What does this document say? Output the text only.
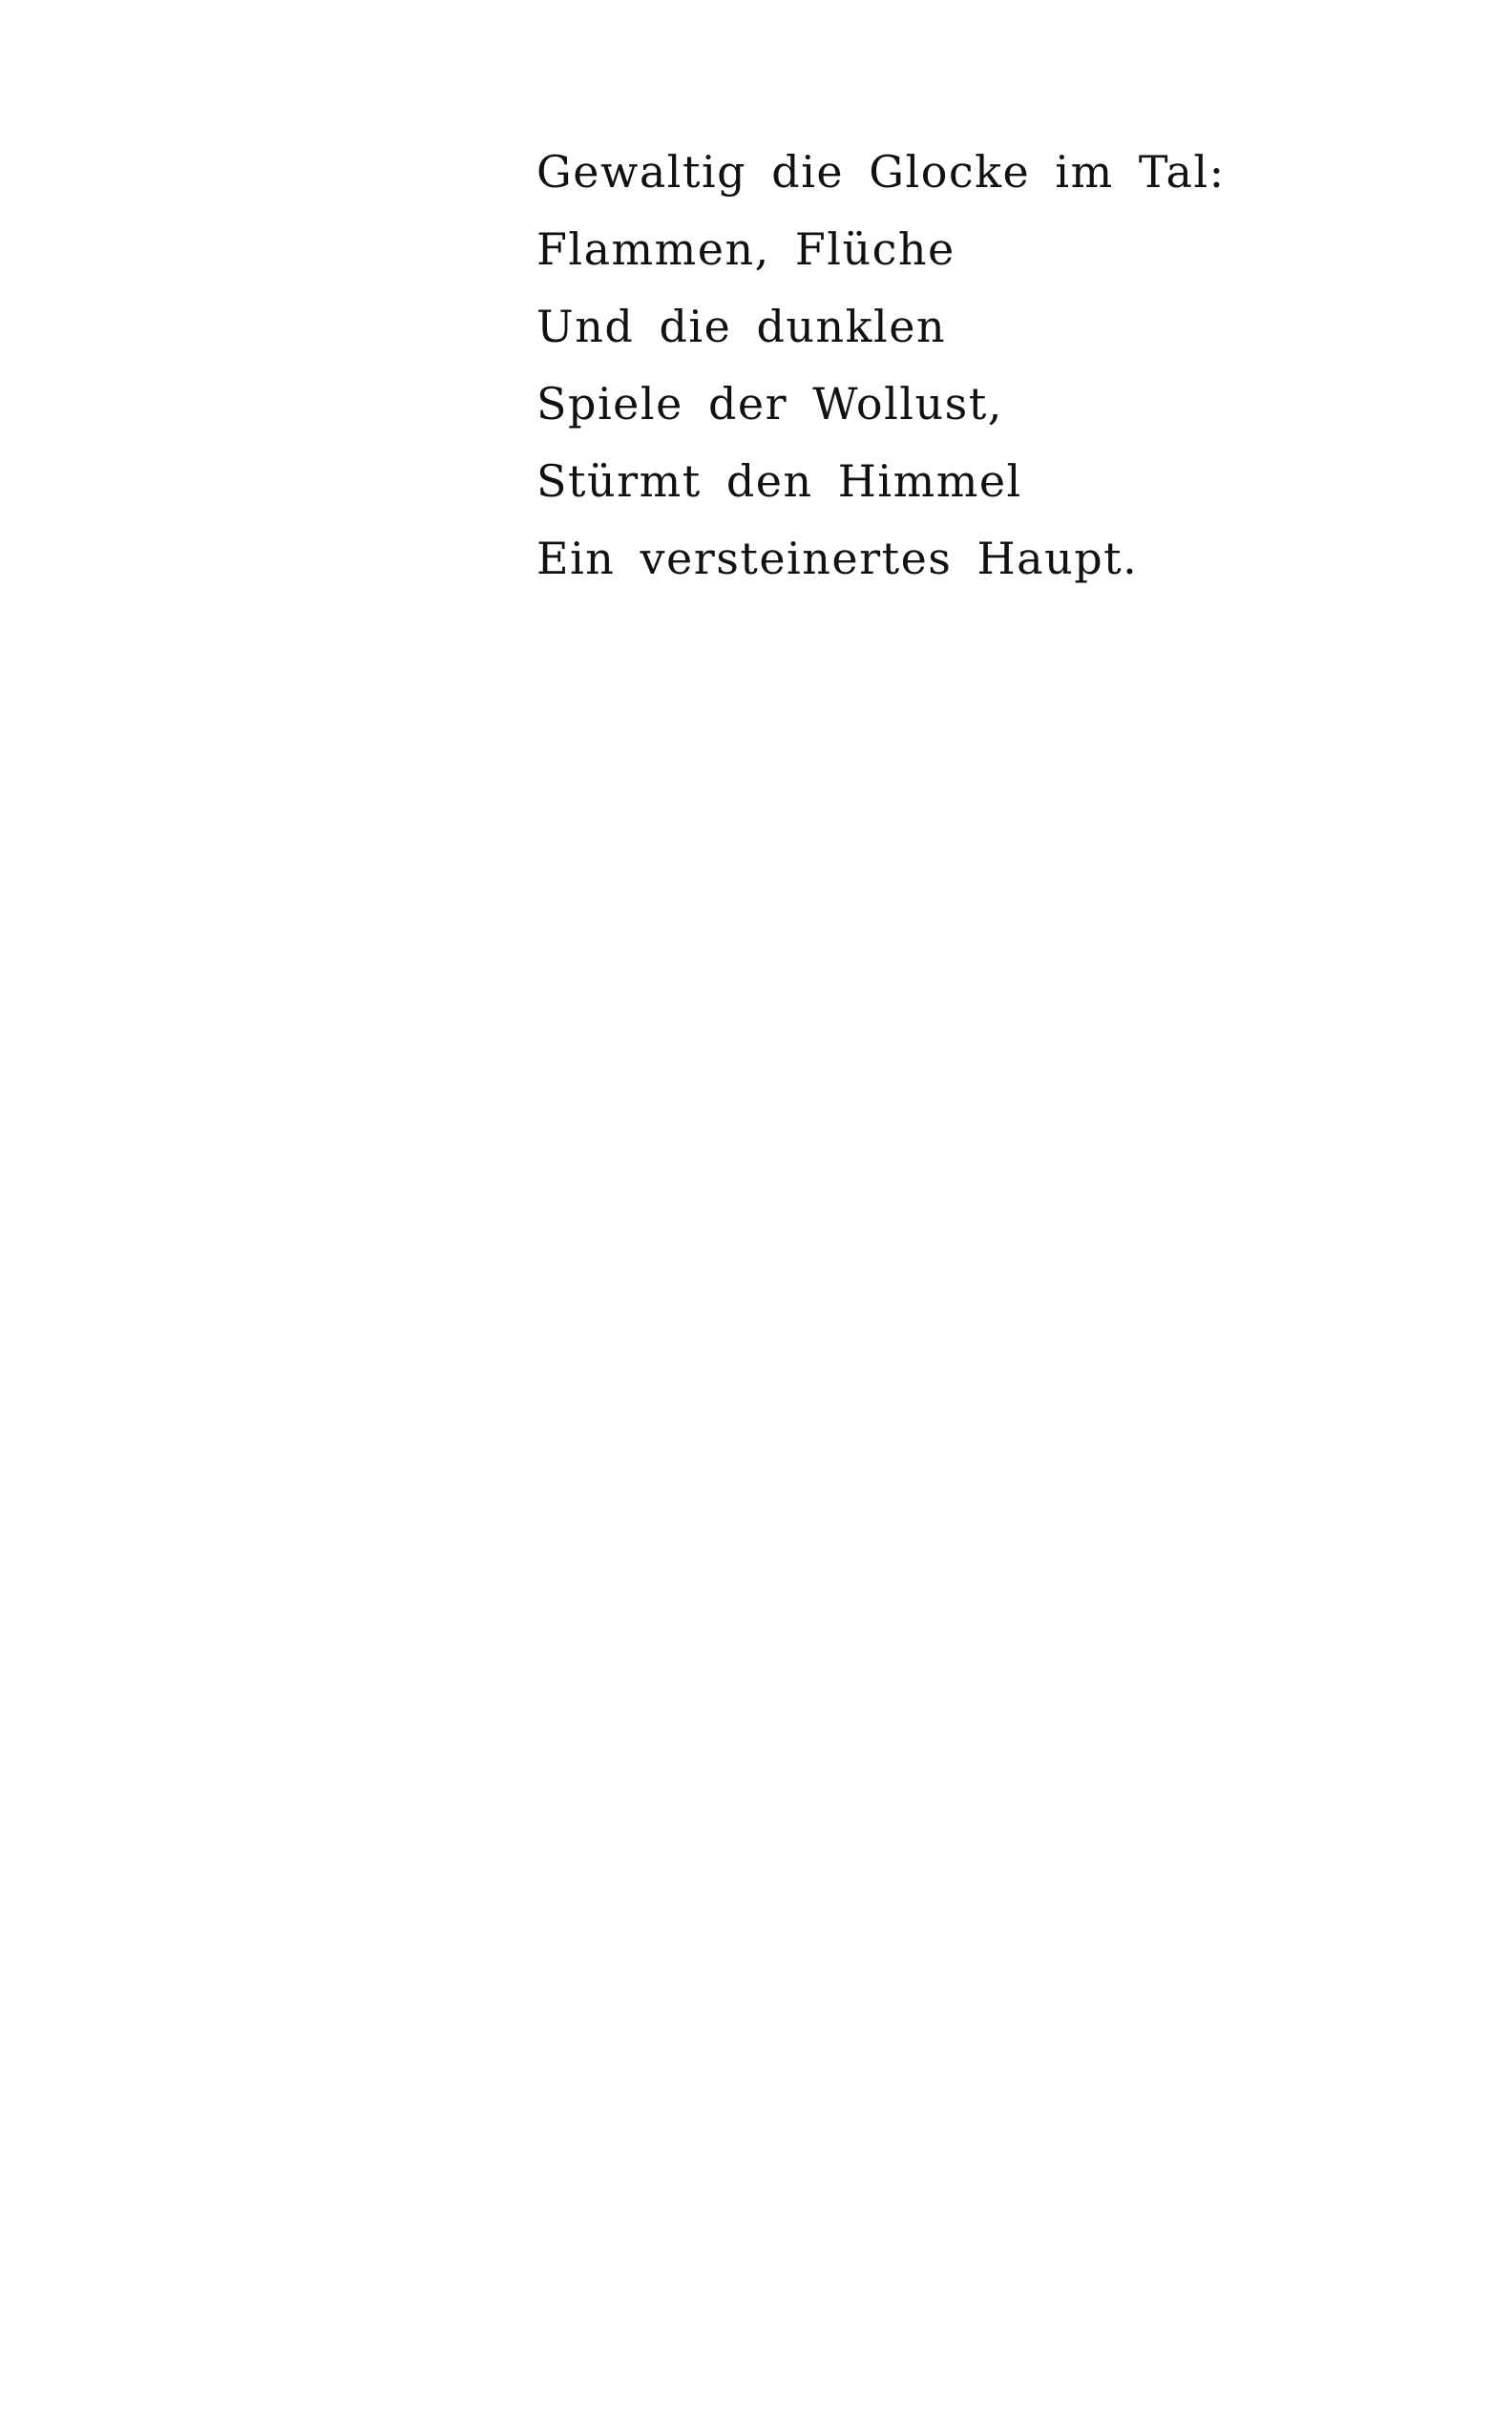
Gewaltig die Glocke im Tal:
Flammen, Flüche
Und die dunklen
Spiele der Wollust,
Stürmt den Himmel
Ein versteinertes Haupt.
